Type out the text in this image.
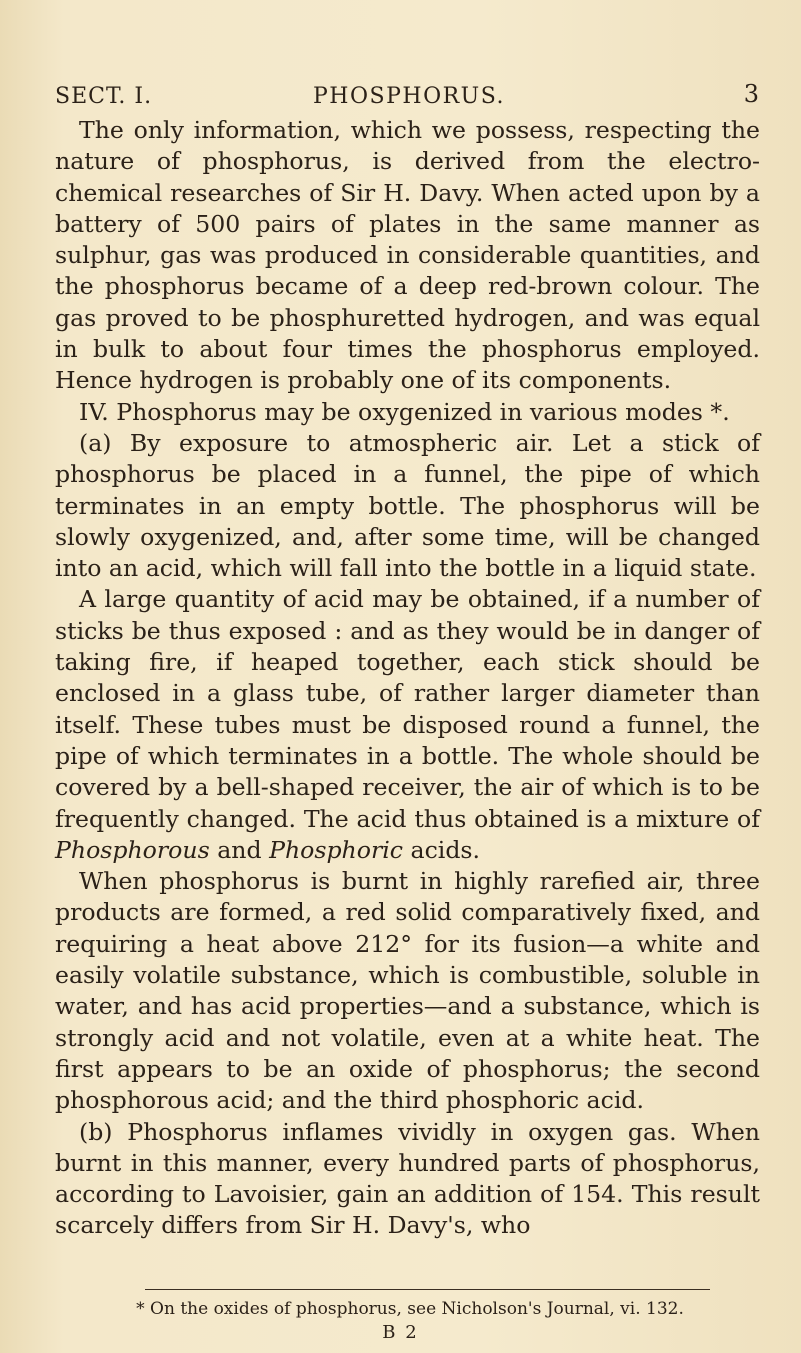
SECT. I.	PHOSPHORUS.	3

The only information, which we possess, respecting the nature of phosphorus, is derived from the electro-chemical researches of Sir H. Davy. When acted upon by a battery of 500 pairs of plates in the same manner as sulphur, gas was produced in considerable quantities, and the phosphorus became of a deep red-brown colour. The gas proved to be phosphuretted hydrogen, and was equal in bulk to about four times the phosphorus employed. Hence hydrogen is probably one of its components.

IV. Phosphorus may be oxygenized in various modes *.

(a) By exposure to atmospheric air. Let a stick of phosphorus be placed in a funnel, the pipe of which terminates in an empty bottle. The phosphorus will be slowly oxygenized, and, after some time, will be changed into an acid, which will fall into the bottle in a liquid state.

A large quantity of acid may be obtained, if a number of sticks be thus exposed : and as they would be in danger of taking fire, if heaped together, each stick should be enclosed in a glass tube, of rather larger diameter than itself. These tubes must be disposed round a funnel, the pipe of which terminates in a bottle. The whole should be covered by a bell-shaped receiver, the air of which is to be frequently changed. The acid thus obtained is a mixture of Phosphorous and Phosphoric acids.

When phosphorus is burnt in highly rarefied air, three products are formed, a red solid comparatively fixed, and requiring a heat above 212° for its fusion—a white and easily volatile substance, which is combustible, soluble in water, and has acid properties—and a substance, which is strongly acid and not volatile, even at a white heat. The first appears to be an oxide of phosphorus; the second phosphorous acid; and the third phosphoric acid.

(b) Phosphorus inflames vividly in oxygen gas. When burnt in this manner, every hundred parts of phosphorus, according to Lavoisier, gain an addition of 154. This result scarcely differs from Sir H. Davy's, who

* On the oxides of phosphorus, see Nicholson's Journal, vi. 132.
B 2
